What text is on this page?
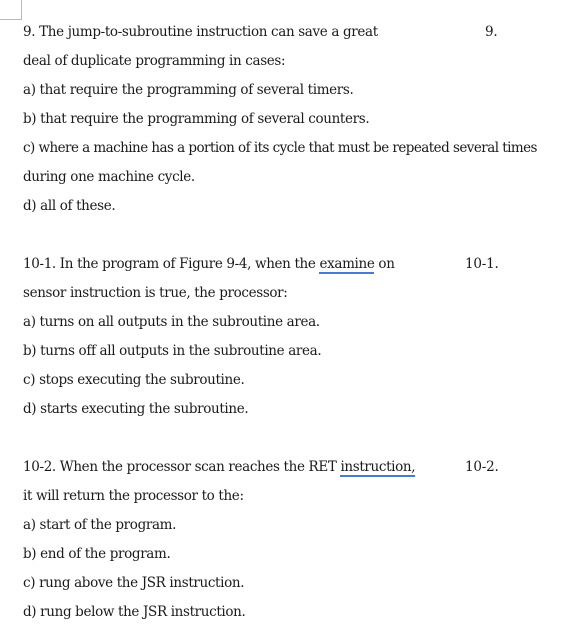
9. The jump-to-subroutine instruction can save a great	9.
deal of duplicate programming in cases:
a) that require the programming of several timers.
b) that require the programming of several counters.
c) where a machine has a portion of its cycle that must be repeated several times
during one machine cycle.
d) all of these.
10-1. In the program of Figure 9-4, when the examine on	10-1.
sensor instruction is true, the processor:
a) turns on all outputs in the subroutine area.
b) turns off all outputs in the subroutine area.
c) stops executing the subroutine.
d) starts executing the subroutine.
10-2. When the processor scan reaches the RET instruction,	10-2.
it will return the processor to the:
a) start of the program.
b) end of the program.
c) rung above the JSR instruction.
d) rung below the JSR instruction.
